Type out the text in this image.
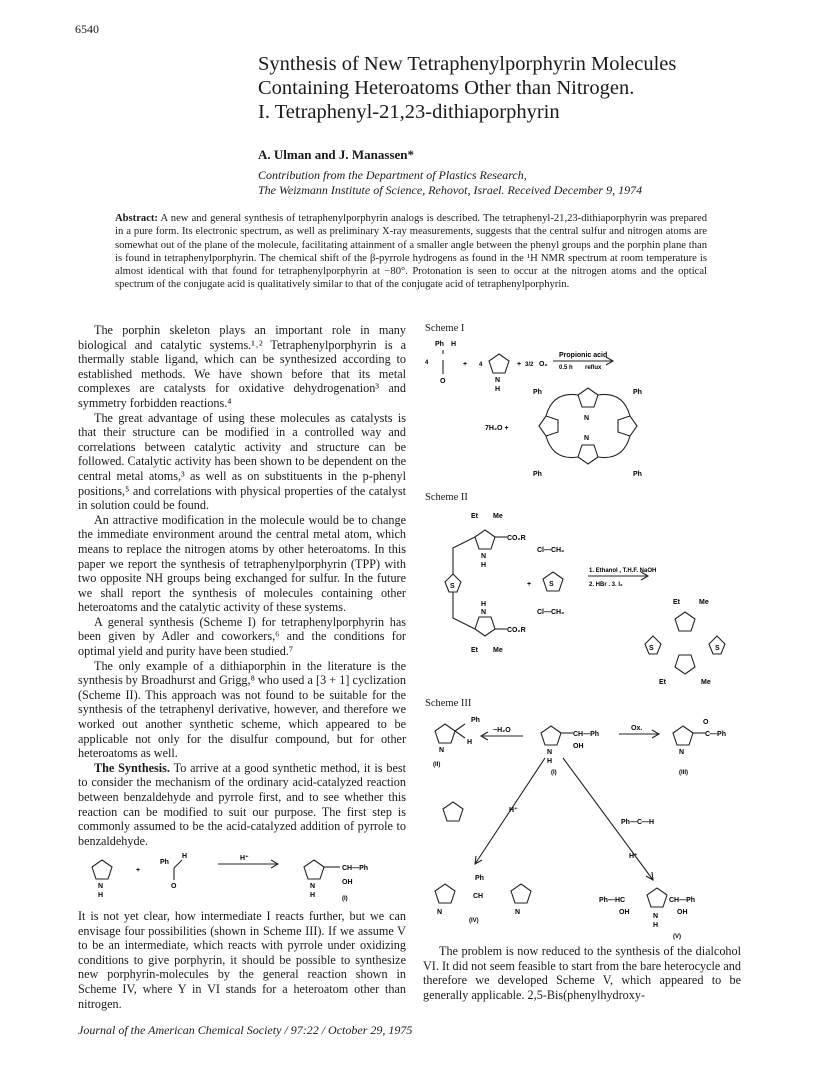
6540
Synthesis of New Tetraphenylporphyrin Molecules
Containing Heteroatoms Other than Nitrogen.
I. Tetraphenyl-21,23-dithiaporphyrin
A. Ulman and J. Manassen*
Contribution from the Department of Plastics Research,
The Weizmann Institute of Science, Rehovot, Israel. Received December 9, 1974
Abstract: A new and general synthesis of tetraphenylporphyrin analogs is described. The tetraphenyl-21,23-dithiaporphyrin was prepared in a pure form. Its electronic spectrum, as well as preliminary X-ray measurements, suggests that the central sulfur and nitrogen atoms are somewhat out of the plane of the molecule, facilitating attainment of a smaller angle between the phenyl groups and the porphin plane than is found in tetraphenylporphyrin. The chemical shift of the β-pyrrole hydrogens as found in the ¹H NMR spectrum at room temperature is almost identical with that found for tetraphenylporphyrin at −80°. Protonation is seen to occur at the nitrogen atoms and the optical spectrum of the conjugate acid is qualitatively similar to that of the conjugate acid of tetraphenylporphyrin.

The porphin skeleton plays an important role in many biological and catalytic systems.¹˒² Tetraphenylporphyrin is a thermally stable ligand, which can be synthesized according to established methods. We have shown before that its metal complexes are catalysts for oxidative dehydrogenation³ and symmetry forbidden reactions.⁴

The great advantage of using these molecules as catalysts is that their structure can be modified in a controlled way and correlations between catalytic activity and structure can be followed. Catalytic activity has been shown to be dependent on the central metal atoms,³ as well as on substituents in the p-phenyl positions,⁵ and correlations with physical properties of the catalyst in solution could be found.

An attractive modification in the molecule would be to change the immediate environment around the central metal atom, which means to replace the nitrogen atoms by other heteroatoms. In this paper we report the synthesis of tetraphenylporphyrin (TPP) with two opposite NH groups being exchanged for sulfur. In the future we shall report the synthesis of molecules containing other heteroatoms and the catalytic activity of these systems.

A general synthesis (Scheme I) for tetraphenylporphyrin has been given by Adler and coworkers,⁶ and the conditions for optimal yield and purity have been studied.⁷

The only example of a dithiaporphin in the literature is the synthesis by Broadhurst and Grigg,⁸ who used a [3 + 1] cyclization (Scheme II). This approach was not found to be suitable for the synthesis of the tetraphenyl derivative, however, and therefore we worked out another synthetic scheme, which appeared to be applicable not only for the disulfur compound, but for other heteroatoms as well.

The Synthesis. To arrive at a good synthetic method, it is best to consider the mechanism of the ordinary acid-catalyzed reaction between benzaldehyde and pyrrole first, and to see whether this reaction can be modified to suit our purpose. The first step is commonly assumed to be the acid-catalyzed addition of pyrrole to benzaldehyde.

N
H
+
Ph
H
O
H⁺
CH—Ph
N
H
OH
(I)
It is not yet clear, how intermediate I reacts further, but we can envisage four possibilities (shown in Scheme III). If we assume V to be an intermediate, which reacts with pyrrole under oxidizing conditions to give porphyrin, it should be possible to synthesize new porphyrin-molecules by the general reaction shown in Scheme IV, where Y in VI stands for a heteroatom other than nitrogen.
Scheme I
4
Ph H
O
+ 4
N
H
+ 3/2 O₂
Propionic acid
0.5 h reflux
Ph	Ph
Ph	Ph
N
N
7H₂O +
Scheme II
Et Me
CO₂R
N
H
S
H
N
CO₂R
Et Me
+
Cl—CH₂
Cl—CH₂
S
1. Ethanol , T.H.F. NaOH
2. HBr . 3. I₂
Et	Me
S	S
Et	Me
Scheme III
Ph
H
N
(II)
−H₂O
CH—Ph
OH
N
H
(I)
Ox.
O
C—Ph
N
(III)
H⁺
Ph—C—H
H⁺
Ph
CH
N	N
(IV)
Ph—HC	CH—Ph
OH	OH
N
H
(V)

The problem is now reduced to the synthesis of the dialcohol VI. It did not seem feasible to start from the bare heterocycle and therefore we developed Scheme V, which appeared to be generally applicable. 2,5-Bis(phenylhydroxy-

Journal of the American Chemical Society / 97:22 / October 29, 1975
